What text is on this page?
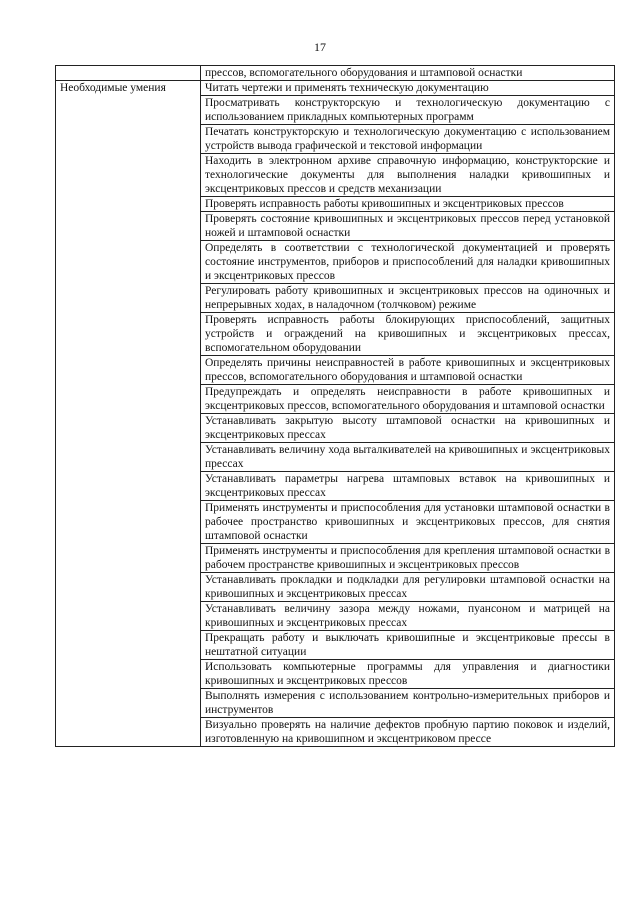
17
	прессов, вспомогательного оборудования и штамповой оснастки
Необходимые умения	Читать чертежи и применять техническую документацию
	Просматривать конструкторскую и технологическую документацию с использованием прикладных компьютерных программ
	Печатать конструкторскую и технологическую документацию с использованием устройств вывода графической и текстовой информации
	Находить в электронном архиве справочную информацию, конструкторские и технологические документы для выполнения наладки кривошипных и эксцентриковых прессов и средств механизации
	Проверять исправность работы кривошипных и эксцентриковых прессов
	Проверять состояние кривошипных и эксцентриковых прессов перед установкой ножей и штамповой оснастки
	Определять в соответствии с технологической документацией и проверять состояние инструментов, приборов и приспособлений для наладки кривошипных и эксцентриковых прессов
	Регулировать работу кривошипных и эксцентриковых прессов на одиночных и непрерывных ходах, в наладочном (толчковом) режиме
	Проверять исправность работы блокирующих приспособлений, защитных устройств и ограждений на кривошипных и эксцентриковых прессах, вспомогательном оборудовании
	Определять причины неисправностей в работе кривошипных и эксцентриковых прессов, вспомогательного оборудования и штамповой оснастки
	Предупреждать и определять неисправности в работе кривошипных и эксцентриковых прессов, вспомогательного оборудования и штамповой оснастки
	Устанавливать закрытую высоту штамповой оснастки на кривошипных и эксцентриковых прессах
	Устанавливать величину хода выталкивателей на кривошипных и эксцентриковых прессах
	Устанавливать параметры нагрева штамповых вставок на кривошипных и эксцентриковых прессах
	Применять инструменты и приспособления для установки штамповой оснастки в рабочее пространство кривошипных и эксцентриковых прессов, для снятия штамповой оснастки
	Применять инструменты и приспособления для крепления штамповой оснастки в рабочем пространстве кривошипных и эксцентриковых прессов
	Устанавливать прокладки и подкладки для регулировки штамповой оснастки на кривошипных и эксцентриковых прессах
	Устанавливать величину зазора между ножами, пуансоном и матрицей на кривошипных и эксцентриковых прессах
	Прекращать работу и выключать кривошипные и эксцентриковые прессы в нештатной ситуации
	Использовать компьютерные программы для управления и диагностики кривошипных и эксцентриковых прессов
	Выполнять измерения с использованием контрольно-измерительных приборов и инструментов
	Визуально проверять на наличие дефектов пробную партию поковок и изделий, изготовленную на кривошипном и эксцентриковом прессе
